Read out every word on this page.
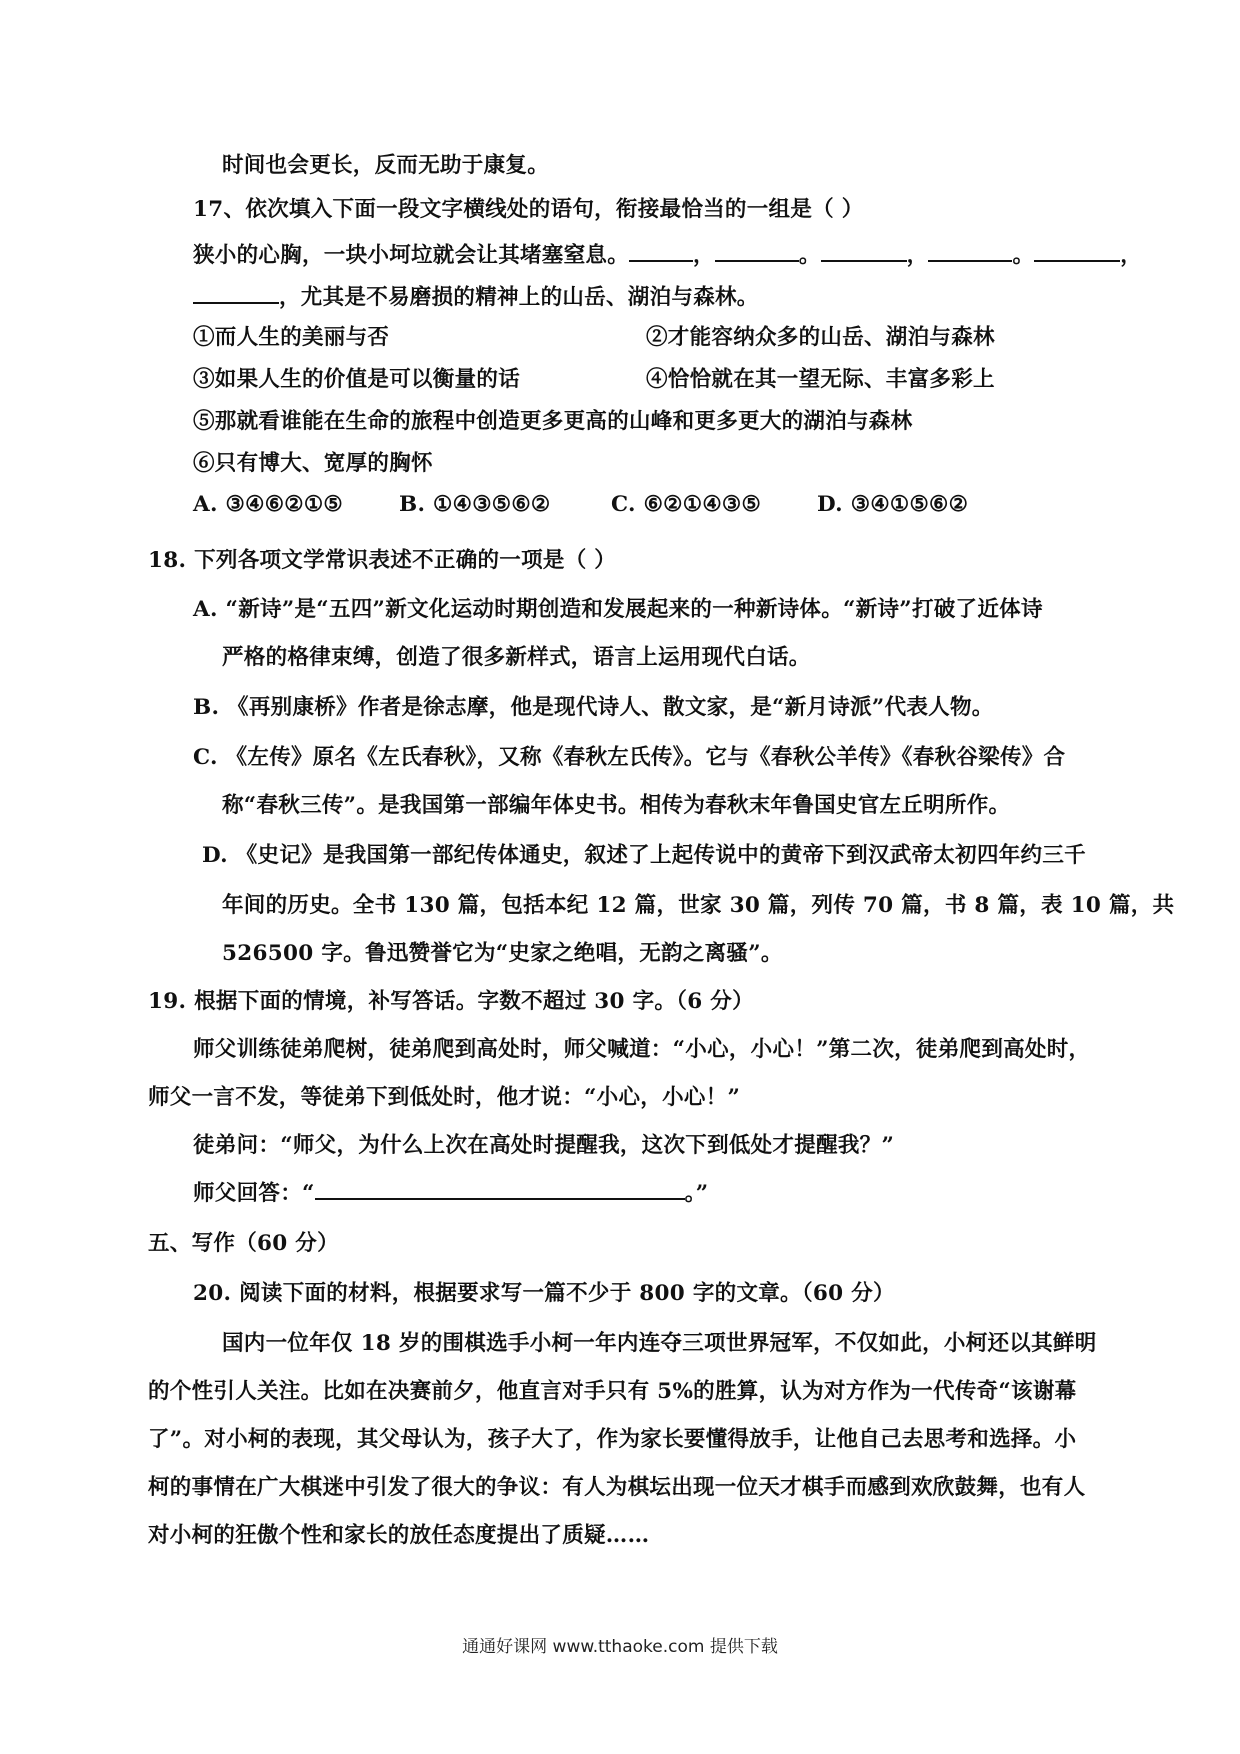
时间也会更长，反而无助于康复。
17、依次填入下面一段文字横线处的语句，衔接最恰当的一组是（ ）
狭小的心胸，一块小坷垃就会让其堵塞窒息。	，	。	，	。	，
，尤其是不易磨损的精神上的山岳、湖泊与森林。
①而人生的美丽与否	②才能容纳众多的山岳、湖泊与森林
③如果人生的价值是可以衡量的话	④恰恰就在其一望无际、丰富多彩上
⑤那就看谁能在生命的旅程中创造更多更高的山峰和更多更大的湖泊与森林
⑥只有博大、宽厚的胸怀
A. ③④⑥②①⑤	B. ①④③⑤⑥②	C. ⑥②①④③⑤	D. ③④①⑤⑥②
18. 下列各项文学常识表述不正确的一项是（ ）
A. “新诗”是“五四”新文化运动时期创造和发展起来的一种新诗体。“新诗”打破了近体诗
严格的格律束缚，创造了很多新样式，语言上运用现代白话。
B. 《再别康桥》作者是徐志摩，他是现代诗人、散文家，是“新月诗派”代表人物。
C. 《左传》原名《左氏春秋》，又称《春秋左氏传》。它与《春秋公羊传》《春秋谷梁传》合
称“春秋三传”。是我国第一部编年体史书。相传为春秋末年鲁国史官左丘明所作。
D. 《史记》是我国第一部纪传体通史，叙述了上起传说中的黄帝下到汉武帝太初四年约三千
年间的历史。全书 130 篇，包括本纪 12 篇，世家 30 篇，列传 70 篇，书 8 篇，表 10 篇，共
526500 字。鲁迅赞誉它为“史家之绝唱，无韵之离骚”。
19. 根据下面的情境，补写答话。字数不超过 30 字。（6 分）
师父训练徒弟爬树，徒弟爬到高处时，师父喊道：“小心，小心！”第二次，徒弟爬到高处时，
师父一言不发，等徒弟下到低处时，他才说：“小心，小心！”
徒弟问：“师父，为什么上次在高处时提醒我，这次下到低处才提醒我？”
师父回答：“	。”
五、写作（60 分）
20. 阅读下面的材料，根据要求写一篇不少于 800 字的文章。（60 分）
国内一位年仅 18 岁的围棋选手小柯一年内连夺三项世界冠军，不仅如此，小柯还以其鲜明
的个性引人关注。比如在决赛前夕，他直言对手只有 5%的胜算，认为对方作为一代传奇“该谢幕
了”。对小柯的表现，其父母认为，孩子大了，作为家长要懂得放手，让他自己去思考和选择。小
柯的事情在广大棋迷中引发了很大的争议：有人为棋坛出现一位天才棋手而感到欢欣鼓舞，也有人
对小柯的狂傲个性和家长的放任态度提出了质疑……
通通好课网 www.tthaoke.com 提供下载
